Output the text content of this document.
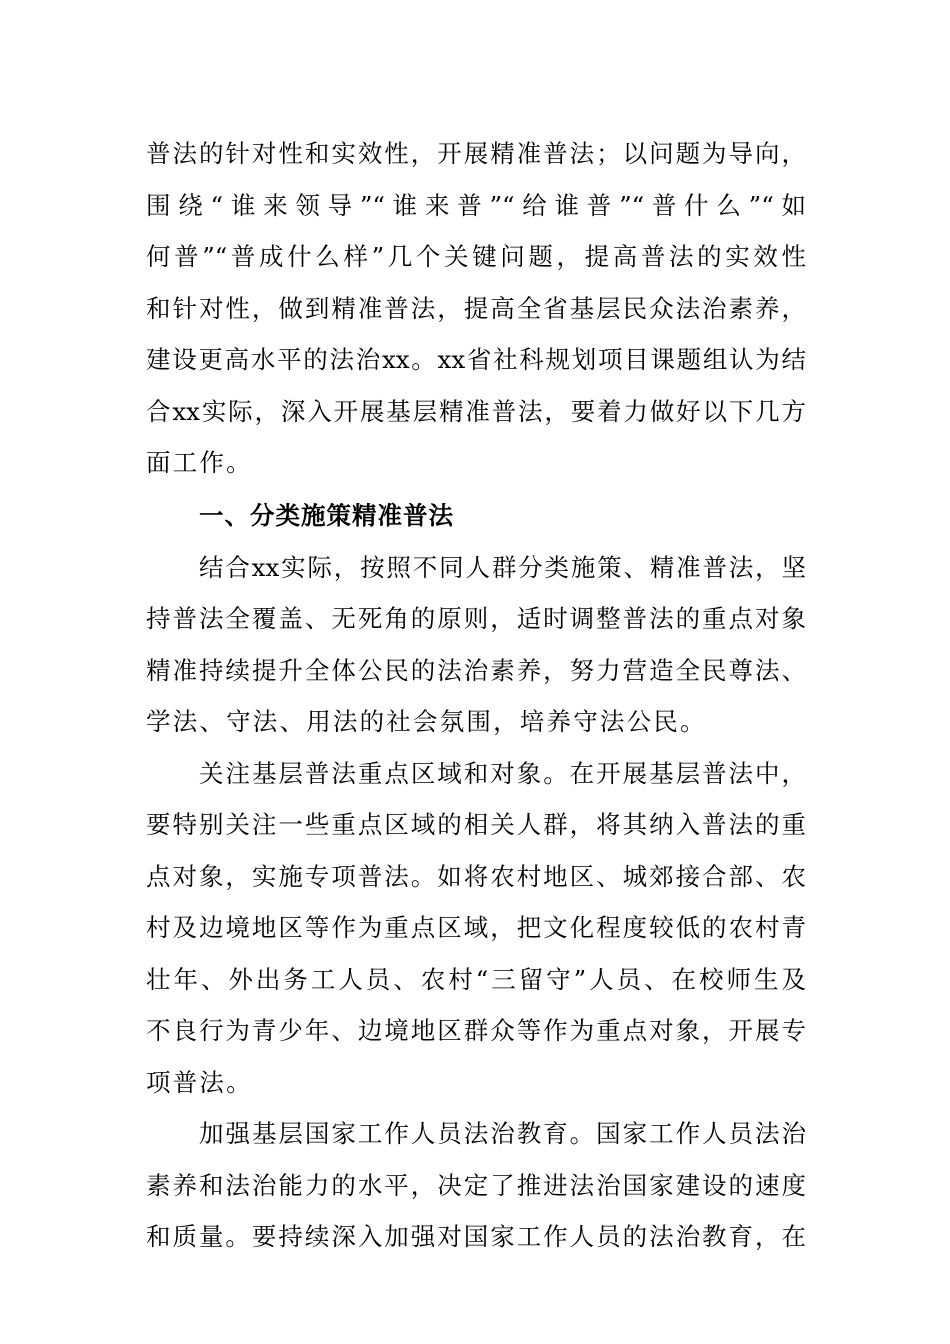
普法的针对性和实效性，开展精准普法；以问题为导向，
围绕“谁来领导”“谁来普”“给谁普”“普什么”“如
何普”“普成什么样”几个关键问题，提高普法的实效性
和针对性，做到精准普法，提高全省基层民众法治素养，
建设更高水平的法治xx。xx省社科规划项目课题组认为结
合xx实际，深入开展基层精准普法，要着力做好以下几方
面工作。
一、分类施策精准普法
结合xx实际，按照不同人群分类施策、精准普法，坚
持普法全覆盖、无死角的原则，适时调整普法的重点对象
精准持续提升全体公民的法治素养，努力营造全民尊法、
学法、守法、用法的社会氛围，培养守法公民。
关注基层普法重点区域和对象。在开展基层普法中，
要特别关注一些重点区域的相关人群，将其纳入普法的重
点对象，实施专项普法。如将农村地区、城郊接合部、农
村及边境地区等作为重点区域，把文化程度较低的农村青
壮年、外出务工人员、农村“三留守”人员、在校师生及
不良行为青少年、边境地区群众等作为重点对象，开展专
项普法。
加强基层国家工作人员法治教育。国家工作人员法治
素养和法治能力的水平，决定了推进法治国家建设的速度
和质量。要持续深入加强对国家工作人员的法治教育，在
